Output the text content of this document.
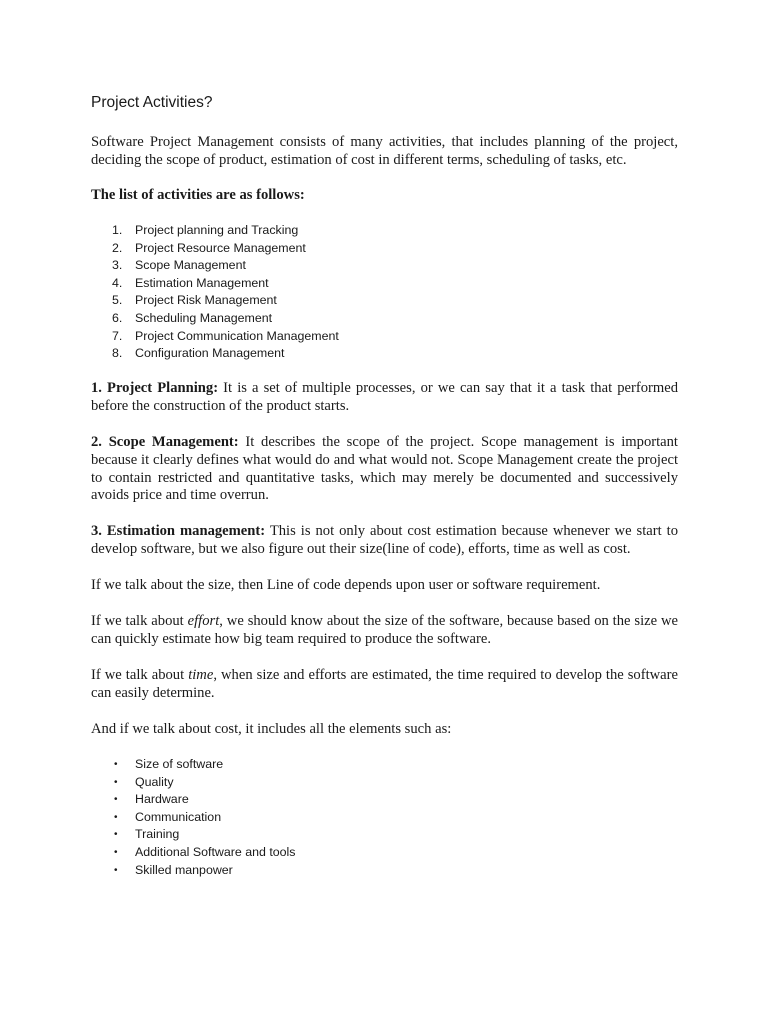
Project Activities?

Software Project Management consists of many activities, that includes planning of the project, deciding the scope of product, estimation of cost in different terms, scheduling of tasks, etc.

The list of activities are as follows:

1. Project planning and Tracking
2. Project Resource Management
3. Scope Management
4. Estimation Management
5. Project Risk Management
6. Scheduling Management
7. Project Communication Management
8. Configuration Management

1. Project Planning: It is a set of multiple processes, or we can say that it a task that performed before the construction of the product starts.

2. Scope Management: It describes the scope of the project. Scope management is important because it clearly defines what would do and what would not. Scope Management create the project to contain restricted and quantitative tasks, which may merely be documented and successively avoids price and time overrun.

3. Estimation management: This is not only about cost estimation because whenever we start to develop software, but we also figure out their size(line of code), efforts, time as well as cost.

If we talk about the size, then Line of code depends upon user or software requirement.

If we talk about effort, we should know about the size of the software, because based on the size we can quickly estimate how big team required to produce the software.

If we talk about time, when size and efforts are estimated, the time required to develop the software can easily determine.

And if we talk about cost, it includes all the elements such as:

• Size of software
• Quality
• Hardware
• Communication
• Training
• Additional Software and tools
• Skilled manpower
